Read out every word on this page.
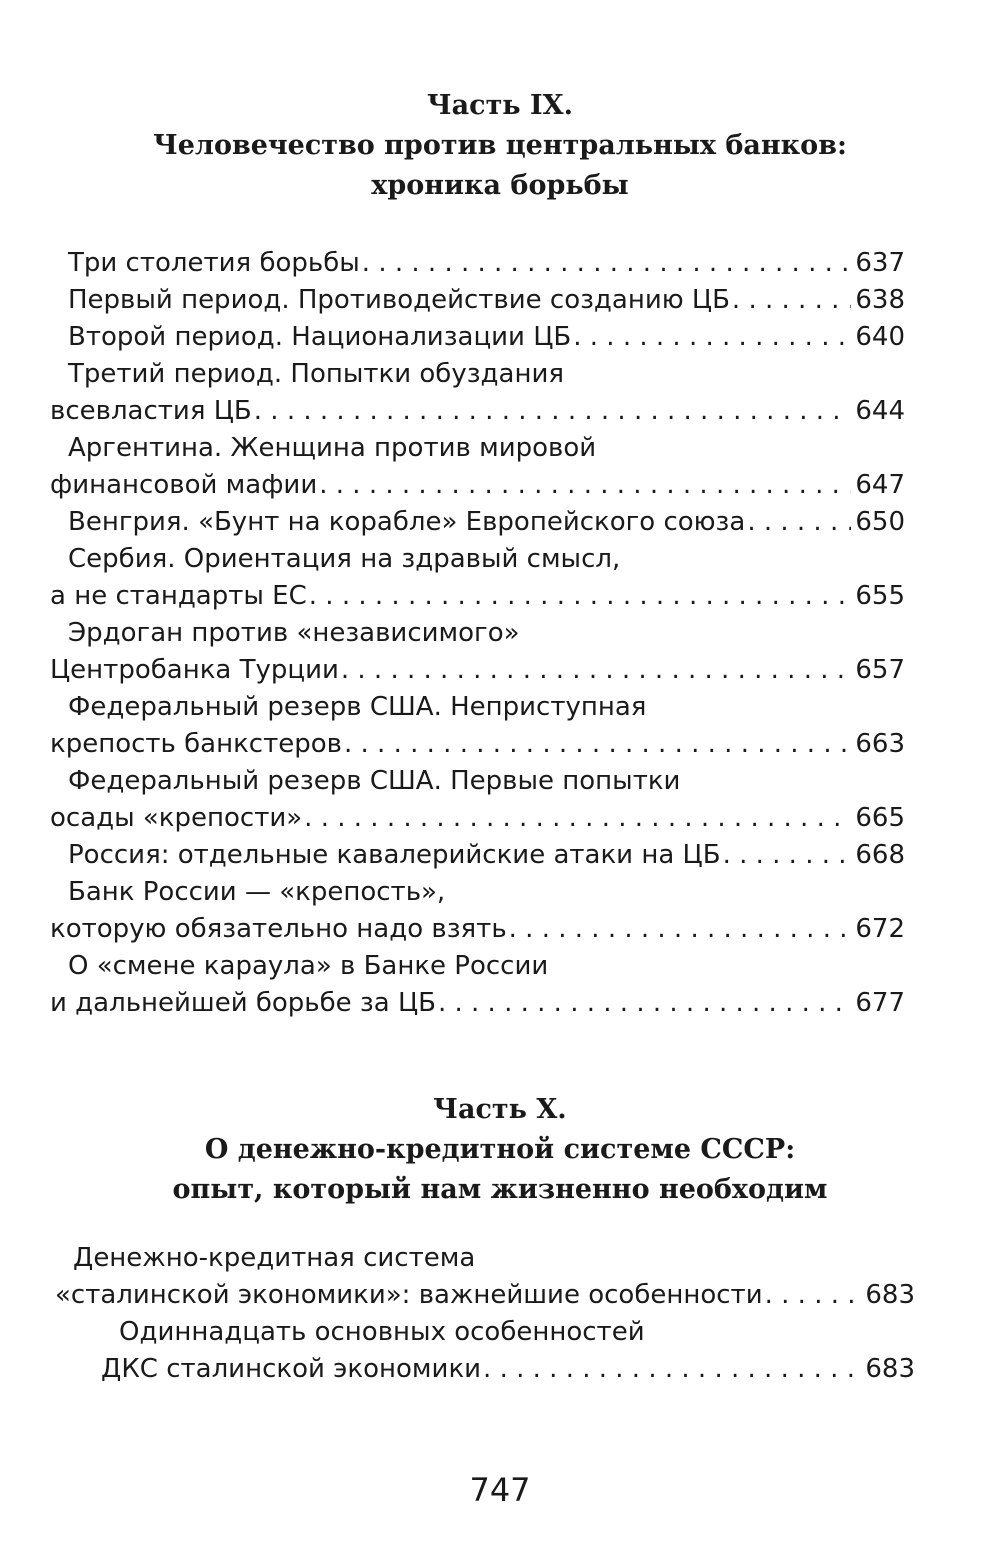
Часть IX.
Человечество против центральных банков:
хроника борьбы
Три столетия борьбы . . .	637
Первый период. Противодействие созданию ЦБ . . .	638
Второй период. Национализации ЦБ . . .	640
Третий период. Попытки обуздания
всевластия ЦБ . . .	644
Аргентина. Женщина против мировой
финансовой мафии . . .	647
Венгрия. «Бунт на корабле» Европейского союза . . .	650
Сербия. Ориентация на здравый смысл,
а не стандарты ЕС . . .	655
Эрдоган против «независимого»
Центробанка Турции . . .	657
Федеральный резерв США. Неприступная
крепость банкстеров . . .	663
Федеральный резерв США. Первые попытки
осады «крепости» . . .	665
Россия: отдельные кавалерийские атаки на ЦБ . . .	668
Банк России — «крепость»,
которую обязательно надо взять . . .	672
О «смене караула» в Банке России
и дальнейшей борьбе за ЦБ . . .	677
Часть X.
О денежно-кредитной системе СССР:
опыт, который нам жизненно необходим
Денежно-кредитная система
«сталинской экономики»: важнейшие особенности . . .	683
Одиннадцать основных особенностей
ДКС сталинской экономики . . .	683
747
